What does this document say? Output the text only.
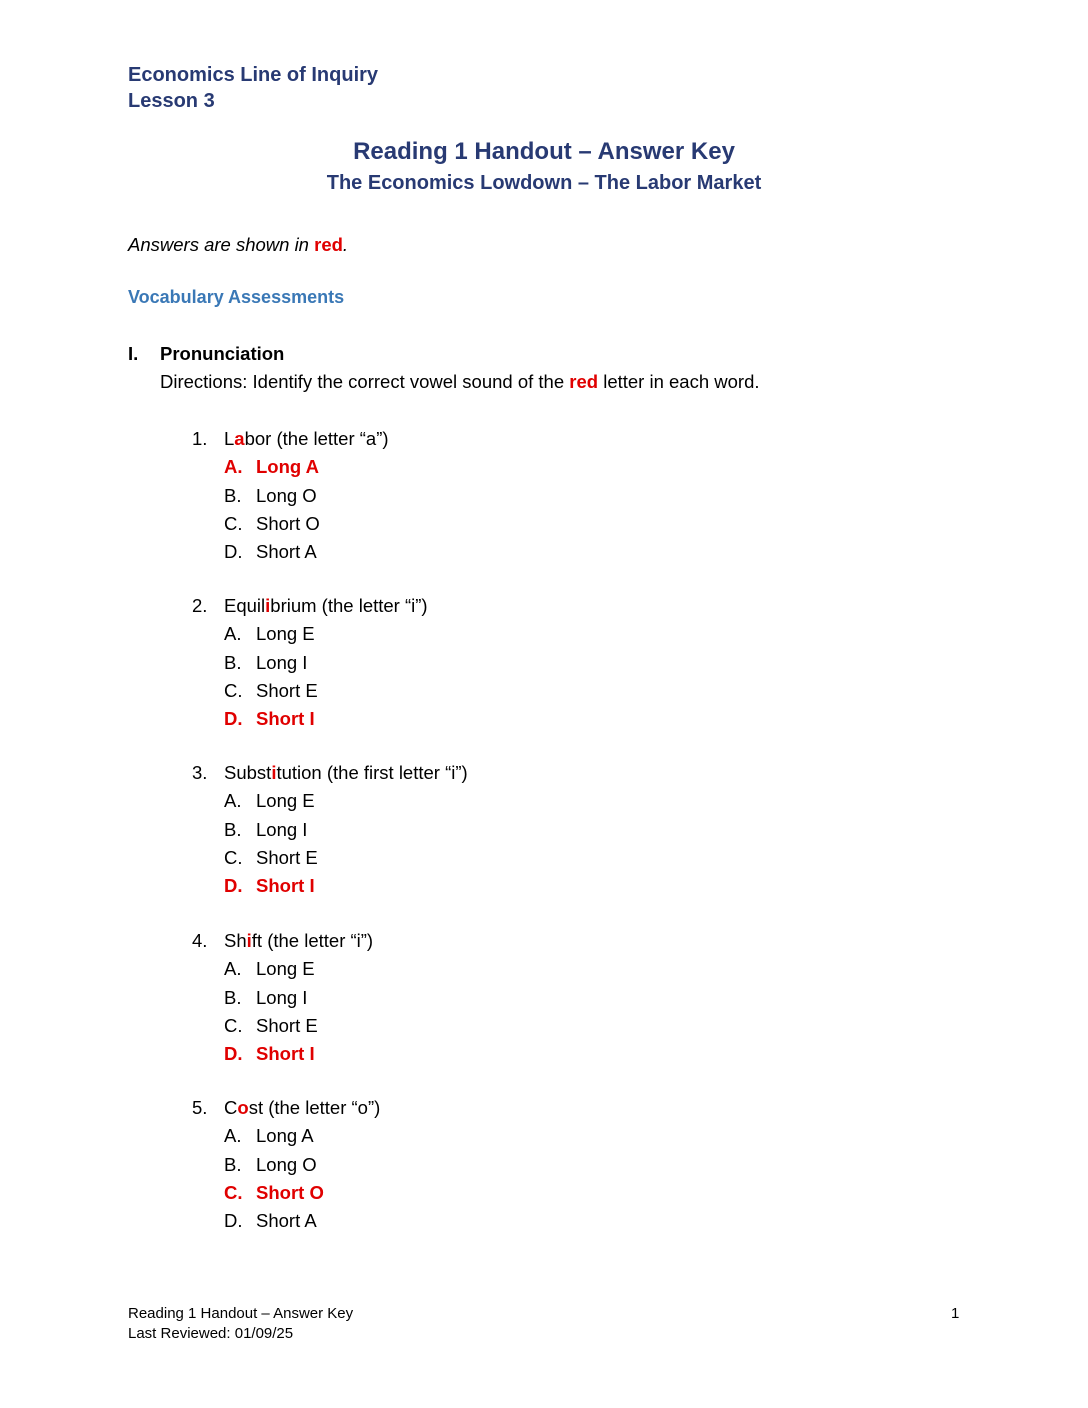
Economics Line of Inquiry
Lesson 3
Reading 1 Handout – Answer Key
The Economics Lowdown – The Labor Market
Answers are shown in red.
Vocabulary Assessments
I. Pronunciation
Directions: Identify the correct vowel sound of the red letter in each word.
1. Labor (the letter “a”)
A. Long A
B. Long O
C. Short O
D. Short A
2. Equilibrium (the letter “i”)
A. Long E
B. Long I
C. Short E
D. Short I
3. Substitution (the first letter “i”)
A. Long E
B. Long I
C. Short E
D. Short I
4. Shift (the letter “i”)
A. Long E
B. Long I
C. Short E
D. Short I
5. Cost (the letter “o”)
A. Long A
B. Long O
C. Short O
D. Short A
Reading 1 Handout – Answer Key
Last Reviewed: 01/09/25
1
